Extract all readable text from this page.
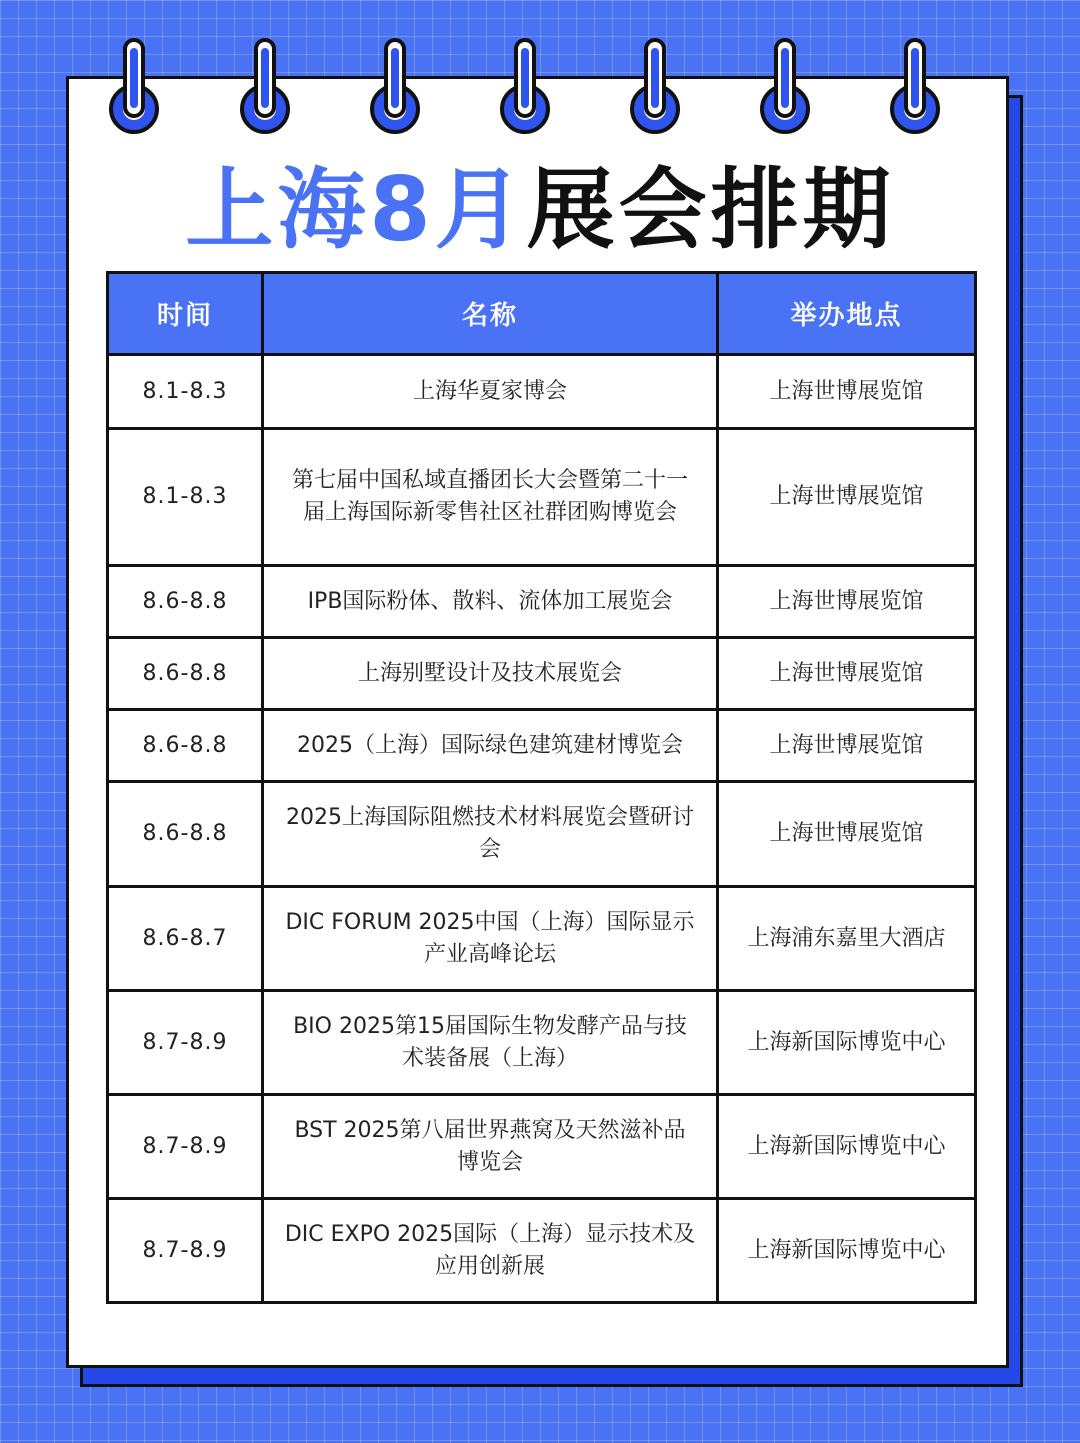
上海8月展会排期
时间	名称	举办地点
8.1-8.3	上海华夏家博会	上海世博展览馆
8.1-8.3	第七届中国私域直播团长大会暨第二十一届上海国际新零售社区社群团购博览会	上海世博展览馆
8.6-8.8	IPB国际粉体、散料、流体加工展览会	上海世博展览馆
8.6-8.8	上海别墅设计及技术展览会	上海世博展览馆
8.6-8.8	2025（上海）国际绿色建筑建材博览会	上海世博展览馆
8.6-8.8	2025上海国际阻燃技术材料展览会暨研讨会	上海世博展览馆
8.6-8.7	DIC FORUM 2025中国（上海）国际显示产业高峰论坛	上海浦东嘉里大酒店
8.7-8.9	BIO 2025第15届国际生物发酵产品与技术装备展（上海）	上海新国际博览中心
8.7-8.9	BST 2025第八届世界燕窝及天然滋补品博览会	上海新国际博览中心
8.7-8.9	DIC EXPO 2025国际（上海）显示技术及应用创新展	上海新国际博览中心
